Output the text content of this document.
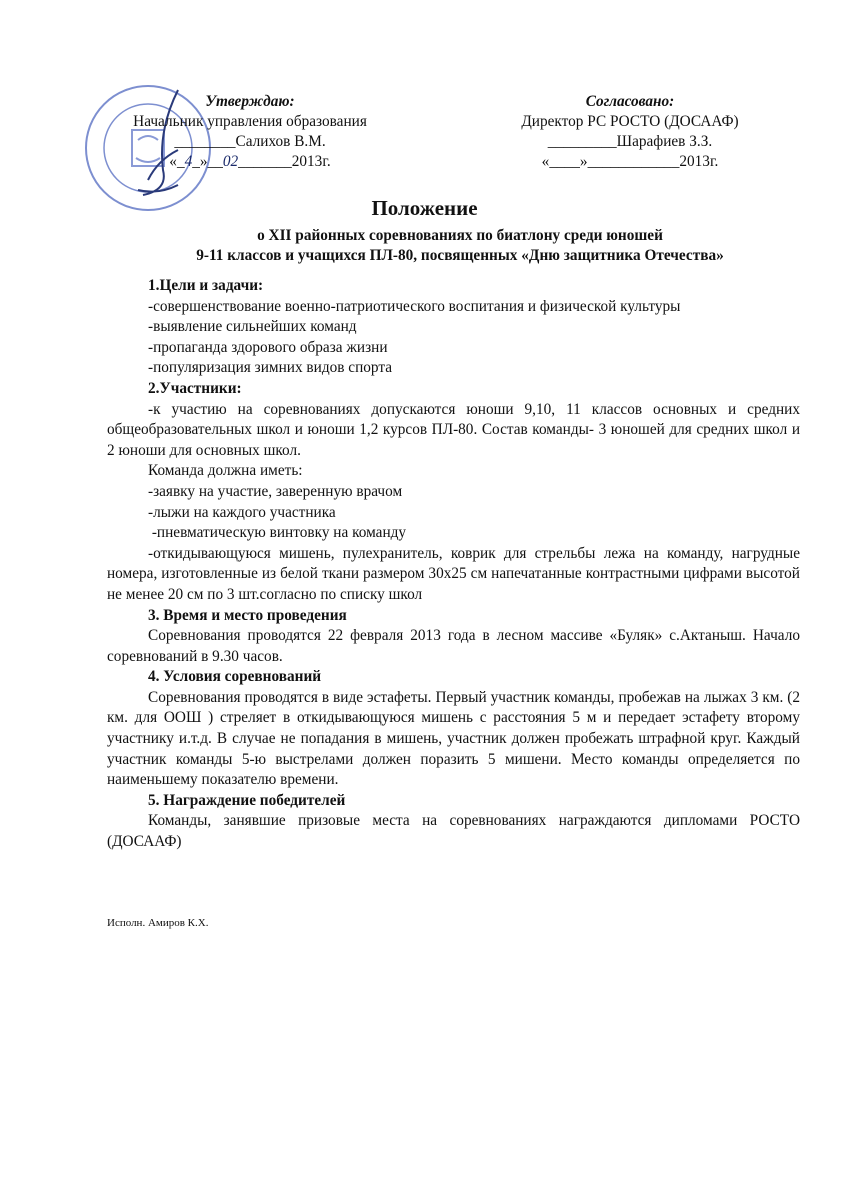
Утверждаю:
Начальник управления образования
________Салихов В.М.
«_4_»__02_______2013г.
Согласовано:
Директор РС РОСТО (ДОСААФ)
_________Шарафиев З.З.
«____»____________2013г.
Положение
о XII районных соревнованиях по биатлону среди юношей
9-11 классов и учащихся ПЛ-80, посвященных «Дню защитника Отечества»

1.Цели и задачи:

-совершенствование военно-патриотического воспитания и физической культуры

-выявление сильнейших команд

-пропаганда здорового образа жизни

-популяризация зимних видов спорта

2.Участники:

-к участию на соревнованиях допускаются юноши 9,10, 11 классов основных и средних общеобразовательных школ и юноши 1,2 курсов ПЛ-80. Состав команды- 3 юношей для средних школ и 2 юноши для основных школ.

Команда должна иметь:

-заявку на участие, заверенную врачом

-лыжи на каждого участника

-пневматическую винтовку на команду

-откидывающуюся мишень, пулехранитель, коврик для стрельбы лежа на команду, нагрудные номера, изготовленные из белой ткани размером 30х25 см напечатанные контрастными цифрами высотой не менее 20 см по 3 шт.согласно по списку школ

3. Время и место проведения

Соревнования проводятся 22 февраля 2013 года в лесном массиве «Буляк» с.Актаныш. Начало соревнований в 9.30 часов.

4. Условия соревнований

Соревнования проводятся в виде эстафеты. Первый участник команды, пробежав на лыжах 3 км. (2 км. для ООШ ) стреляет в откидывающуюся мишень с расстояния 5 м и передает эстафету второму участнику и.т.д. В случае не попадания в мишень, участник должен пробежать штрафной круг. Каждый участник команды 5-ю выстрелами должен поразить 5 мишени. Место команды определяется по наименьшему показателю времени.

5. Награждение победителей

Команды, занявшие призовые места на соревнованиях награждаются дипломами РОСТО (ДОСААФ)

Исполн. Амиров К.Х.
